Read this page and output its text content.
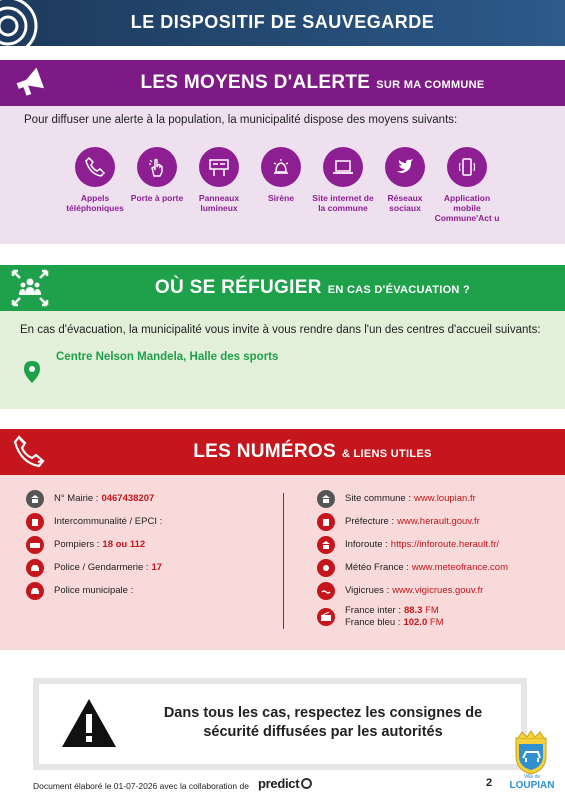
LE DISPOSITIF DE SAUVEGARDE
LES MOYENS D'ALERTE SUR MA COMMUNE
Pour diffuser une alerte à la population, la municipalité dispose des moyens suivants:
Appels téléphoniques
Porte à porte	Panneaux lumineux
Sirène	Site internet de la commune
Réseaux sociaux
Application mobile Commune'Act u
OÙ SE RÉFUGIER EN CAS D'ÉVACUATION ?
En cas d'évacuation, la municipalité vous invite à vous rendre dans l'un des centres d'accueil suivants:
Centre Nelson Mandela, Halle des sports
LES NUMÉROS & LIENS UTILES
N° Mairie : 0467438207
Intercommunalité / EPCI :
Pompiers : 18 ou 112
Police / Gendarmerie : 17
Police municipale :
Site commune : www.loupian.fr
Préfecture : www.herault.gouv.fr
Inforoute : https://inforoute.herault.fr/
Météo France : www.meteofrance.com
Vigicrues : www.vigicrues.gouv.fr
France inter : 88.3 FM
France bleu : 102.0 FM
Dans tous les cas, respectez les consignes de sécurité diffusées par les autorités
Document élaboré le 01-07-2026 avec la collaboration de predict	2	Ville de
LOUPIAN
